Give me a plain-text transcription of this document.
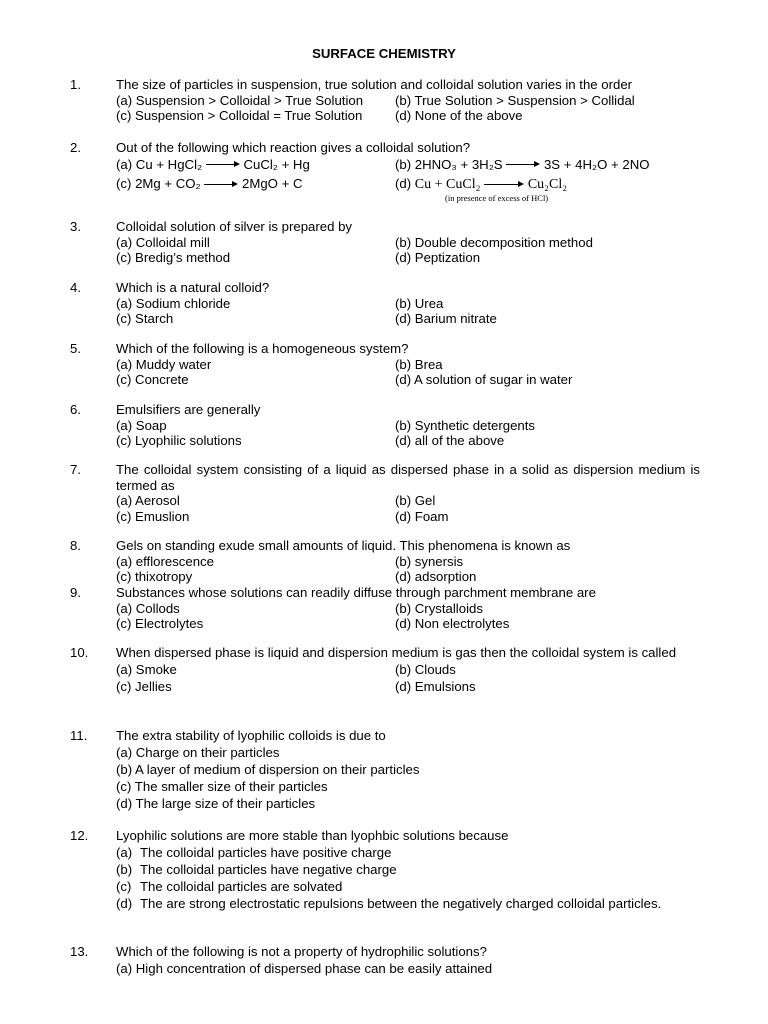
SURFACE CHEMISTRY
1.	The size of particles in suspension, true solution and colloidal solution varies in the order
(a) Suspension > Colloidal > True Solution	(b) True Solution > Suspension > Collidal
(c) Suspension > Colloidal = True Solution	(d) None of the above
2.	Out of the following which reaction gives a colloidal solution?
(a) Cu + HgCl₂	CuCl₂ + Hg	(b) 2HNO₃ + 3H₂S	3S + 4H₂O + 2NO
(c) 2Mg + CO₂	2MgO + C	(d) Cu + CuCl₂	Cu₂Cl₂
(in presence of excess of HCl)
3.	Colloidal solution of silver is prepared by
(a) Colloidal mill	(b) Double decomposition method
(c) Bredig’s method	(d) Peptization
4.	Which is a natural colloid?
(a) Sodium chloride	(b) Urea
(c) Starch	(d) Barium nitrate
5.	Which of the following is a homogeneous system?
(a) Muddy water	(b) Brea
(c) Concrete	(d) A solution of sugar in water
6.	Emulsifiers are generally
(a) Soap	(b) Synthetic detergents
(c) Lyophilic solutions	(d) all of the above
7.	The colloidal system consisting of a liquid as dispersed phase in a solid as dispersion medium is termed as
(a) Aerosol	(b) Gel
(c) Emuslion	(d) Foam
8.	Gels on standing exude small amounts of liquid. This phenomena is known as
(a) efflorescence	(b) synersis
(c) thixotropy	(d) adsorption
9.	Substances whose solutions can readily diffuse through parchment membrane are
(a) Collods	(b) Crystalloids
(c) Electrolytes	(d) Non electrolytes
10. When dispersed phase is liquid and dispersion medium is gas then the colloidal system is called
(a) Smoke	(b) Clouds
(c) Jellies	(d) Emulsions
11. The extra stability of lyophilic colloids is due to
(a) Charge on their particles
(b) A layer of medium of dispersion on their particles
(c) The smaller size of their particles
(d) The large size of their particles
12. Lyophilic solutions are more stable than lyophbic solutions because
(a) The colloidal particles have positive charge
(b) The colloidal particles have negative charge
(c) The colloidal particles are solvated
(d) The are strong electrostatic repulsions between the negatively charged colloidal particles.
13. Which of the following is not a property of hydrophilic solutions?
(a) High concentration of dispersed phase can be easily attained
